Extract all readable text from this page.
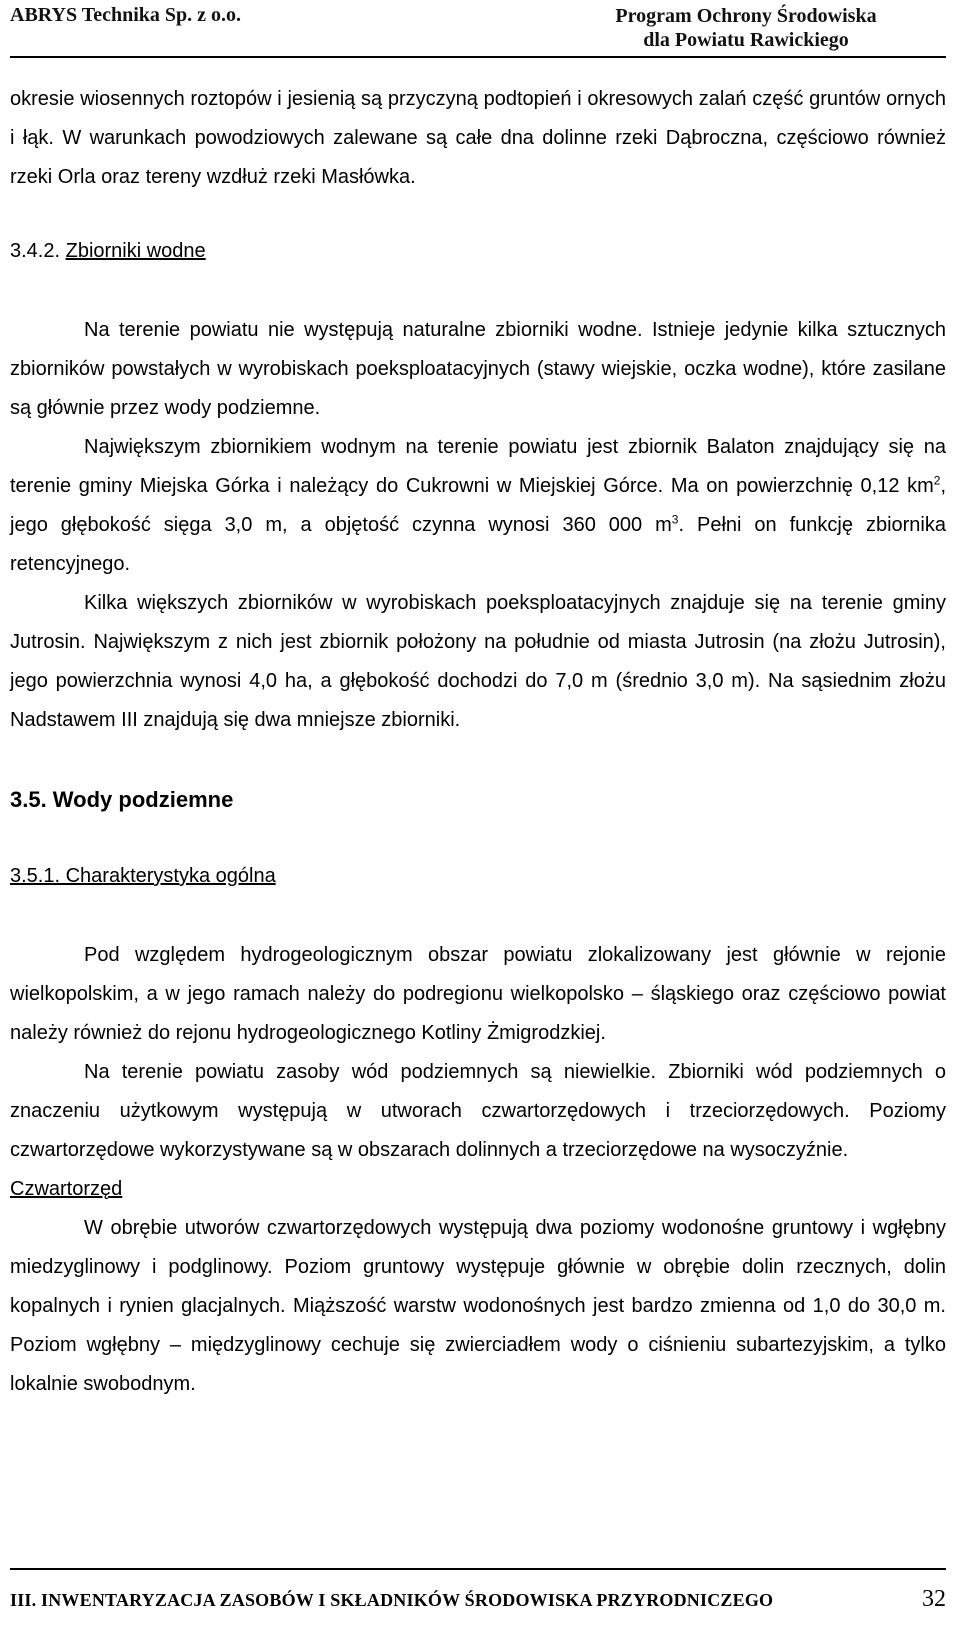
ABRYS Technika Sp. z o.o.	Program Ochrony Środowiska
dla Powiatu Rawickiego

okresie wiosennych roztopów i jesienią są przyczyną podtopień i okresowych zalań część gruntów ornych i łąk. W warunkach powodziowych zalewane są całe dna dolinne rzeki Dąbroczna, częściowo również rzeki Orla oraz tereny wzdłuż rzeki Masłówka.

3.4.2. Zbiorniki wodne

Na terenie powiatu nie występują naturalne zbiorniki wodne. Istnieje jedynie kilka sztucznych zbiorników powstałych w wyrobiskach poeksploatacyjnych (stawy wiejskie, oczka wodne), które zasilane są głównie przez wody podziemne.

Największym zbiornikiem wodnym na terenie powiatu jest zbiornik Balaton znajdujący się na terenie gminy Miejska Górka i należący do Cukrowni w Miejskiej Górce. Ma on powierzchnię 0,12 $km^2$, jego głębokość sięga 3,0 m, a objętość czynna wynosi 360 000 $m^3$. Pełni on funkcję zbiornika retencyjnego.

Kilka większych zbiorników w wyrobiskach poeksploatacyjnych znajduje się na terenie gminy Jutrosin. Największym z nich jest zbiornik położony na południe od miasta Jutrosin (na złożu Jutrosin), jego powierzchnia wynosi 4,0 ha, a głębokość dochodzi do 7,0 m (średnio 3,0 m). Na sąsiednim złożu Nadstawem III znajdują się dwa mniejsze zbiorniki.

3.5. Wody podziemne

3.5.1. Charakterystyka ogólna

Pod względem hydrogeologicznym obszar powiatu zlokalizowany jest głównie w rejonie wielkopolskim, a w jego ramach należy do podregionu wielkopolsko – śląskiego oraz częściowo powiat należy również do rejonu hydrogeologicznego Kotliny Żmigrodzkiej.

Na terenie powiatu zasoby wód podziemnych są niewielkie. Zbiorniki wód podziemnych o znaczeniu użytkowym występują w utworach czwartorzędowych i trzeciorzędowych. Poziomy czwartorzędowe wykorzystywane są w obszarach dolinnych a trzeciorzędowe na wysoczyźnie.

Czwartorzęd

W obrębie utworów czwartorzędowych występują dwa poziomy wodonośne gruntowy i wgłębny miedzyglinowy i podglinowy. Poziom gruntowy występuje głównie w obrębie dolin rzecznych, dolin kopalnych i rynien glacjalnych. Miąższość warstw wodonośnych jest bardzo zmienna od 1,0 do 30,0 m. Poziom wgłębny – międzyglinowy cechuje się zwierciadłem wody o ciśnieniu subartezyjskim, a tylko lokalnie swobodnym.

III. INWENTARYZACJA ZASOBÓW I SKŁADNIKÓW ŚRODOWISKA PRZYRODNICZEGO	32
